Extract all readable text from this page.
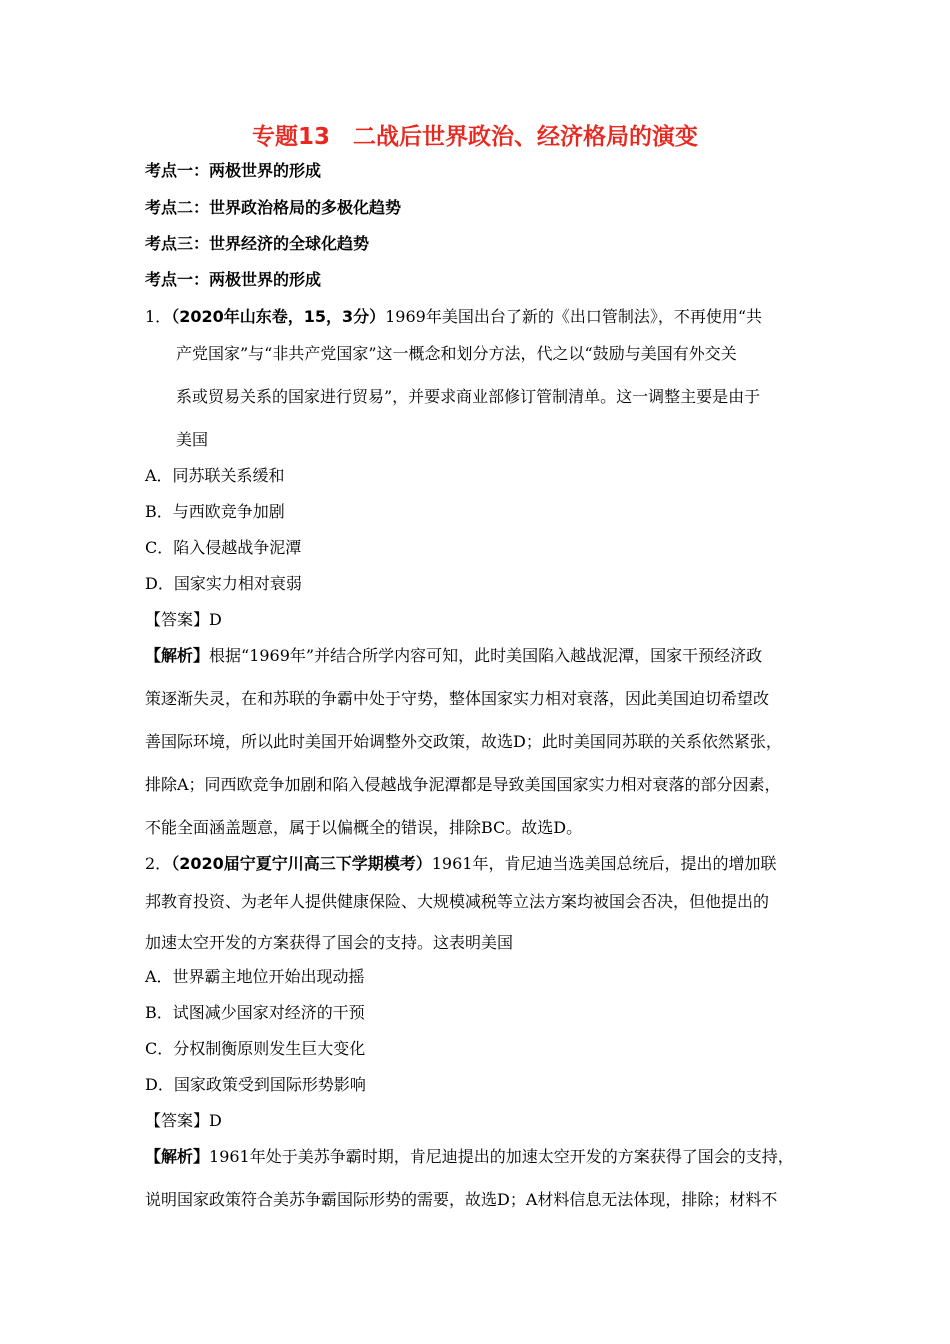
专题13　二战后世界政治、经济格局的演变
考点一：两极世界的形成
考点二：世界政治格局的多极化趋势
考点三：世界经济的全球化趋势
考点一：两极世界的形成
1．（2020年山东卷，15，3分）1969年美国出台了新的《出口管制法》，不再使用“共
产党国家”与“非共产党国家”这一概念和划分方法，代之以“鼓励与美国有外交关
系或贸易关系的国家进行贸易”，并要求商业部修订管制清单。这一调整主要是由于
美国
A．同苏联关系缓和
B．与西欧竞争加剧
C．陷入侵越战争泥潭
D．国家实力相对衰弱
【答案】D
【解析】根据“1969年”并结合所学内容可知，此时美国陷入越战泥潭，国家干预经济政
策逐渐失灵，在和苏联的争霸中处于守势，整体国家实力相对衰落，因此美国迫切希望改
善国际环境，所以此时美国开始调整外交政策，故选D；此时美国同苏联的关系依然紧张，
排除A；同西欧竞争加剧和陷入侵越战争泥潭都是导致美国国家实力相对衰落的部分因素，
不能全面涵盖题意，属于以偏概全的错误，排除BC。故选D。
2．（2020届宁夏宁川高三下学期模考）1961年，肯尼迪当选美国总统后，提出的增加联
邦教育投资、为老年人提供健康保险、大规模减税等立法方案均被国会否决，但他提出的
加速太空开发的方案获得了国会的支持。这表明美国
A．世界霸主地位开始出现动摇
B．试图减少国家对经济的干预
C．分权制衡原则发生巨大变化
D．国家政策受到国际形势影响
【答案】D
【解析】1961年处于美苏争霸时期，肯尼迪提出的加速太空开发的方案获得了国会的支持，
说明国家政策符合美苏争霸国际形势的需要，故选D；A材料信息无法体现，排除；材料不
